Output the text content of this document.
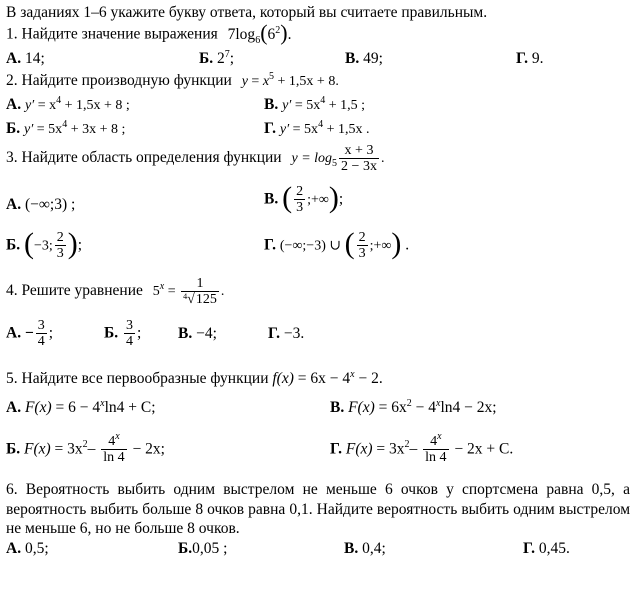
В заданиях 1–6 укажите букву ответа, который вы считаете правильным.
1. Найдите значение выражения $7\log_6(6^2)$.
А. 14;	Б. $2^7$;	В. 49;	Г. 9.
2. Найдите производную функции $y = x^5 + 1,5x + 8$.
А. $y' = x^4 + 1,5x + 8$ ;	В. $y' = 5x^4 + 1,5$ ;
Б. $y' = 5x^4 + 3x + 8$ ;	Г. $y' = 5x^4 + 1,5x$ .
3. Найдите область определения функции $y = \log_5 \frac{x + 3}{2 - 3x}$ .
А. (−∞;3) ;	В. ( $\frac{2}{3}$ ;+∞);
Б. (−3; $\frac{2}{3}$ );	Г. (−∞;−3) ∪ ( $\frac{2}{3}$ ;+∞) .
4. Решите уравнение $5^x = \frac{1}{^4√125}$ .
А. − $\frac{3}{4}$ ;	Б. $\frac{3}{4}$ ; В. −4;	Г. −3.
5. Найдите все первообразные функции $f(x) = 6x - 4^x - 2$.
А. $F(x) = 6 - 4^x\ln 4 + C$;	В. $F(x) = 6x^2 - 4^x\ln 4 - 2x$;
Б. $F(x) = 3x^2- \frac{4^x}{\ln 4} - 2x$;	Г. $F(x) = 3x^2- \frac{4^x}{\ln 4} - 2x + C$.
6. Вероятность выбить одним выстрелом не меньше 6 очков у спортсмена равна 0,5, а вероятность выбить больше 8 очков равна 0,1. Найдите вероятность выбить одним выстрелом не меньше 6, но не больше 8 очков.
А. 0,5;	Б.0,05 ;	В. 0,4;	Г. 0,45.
